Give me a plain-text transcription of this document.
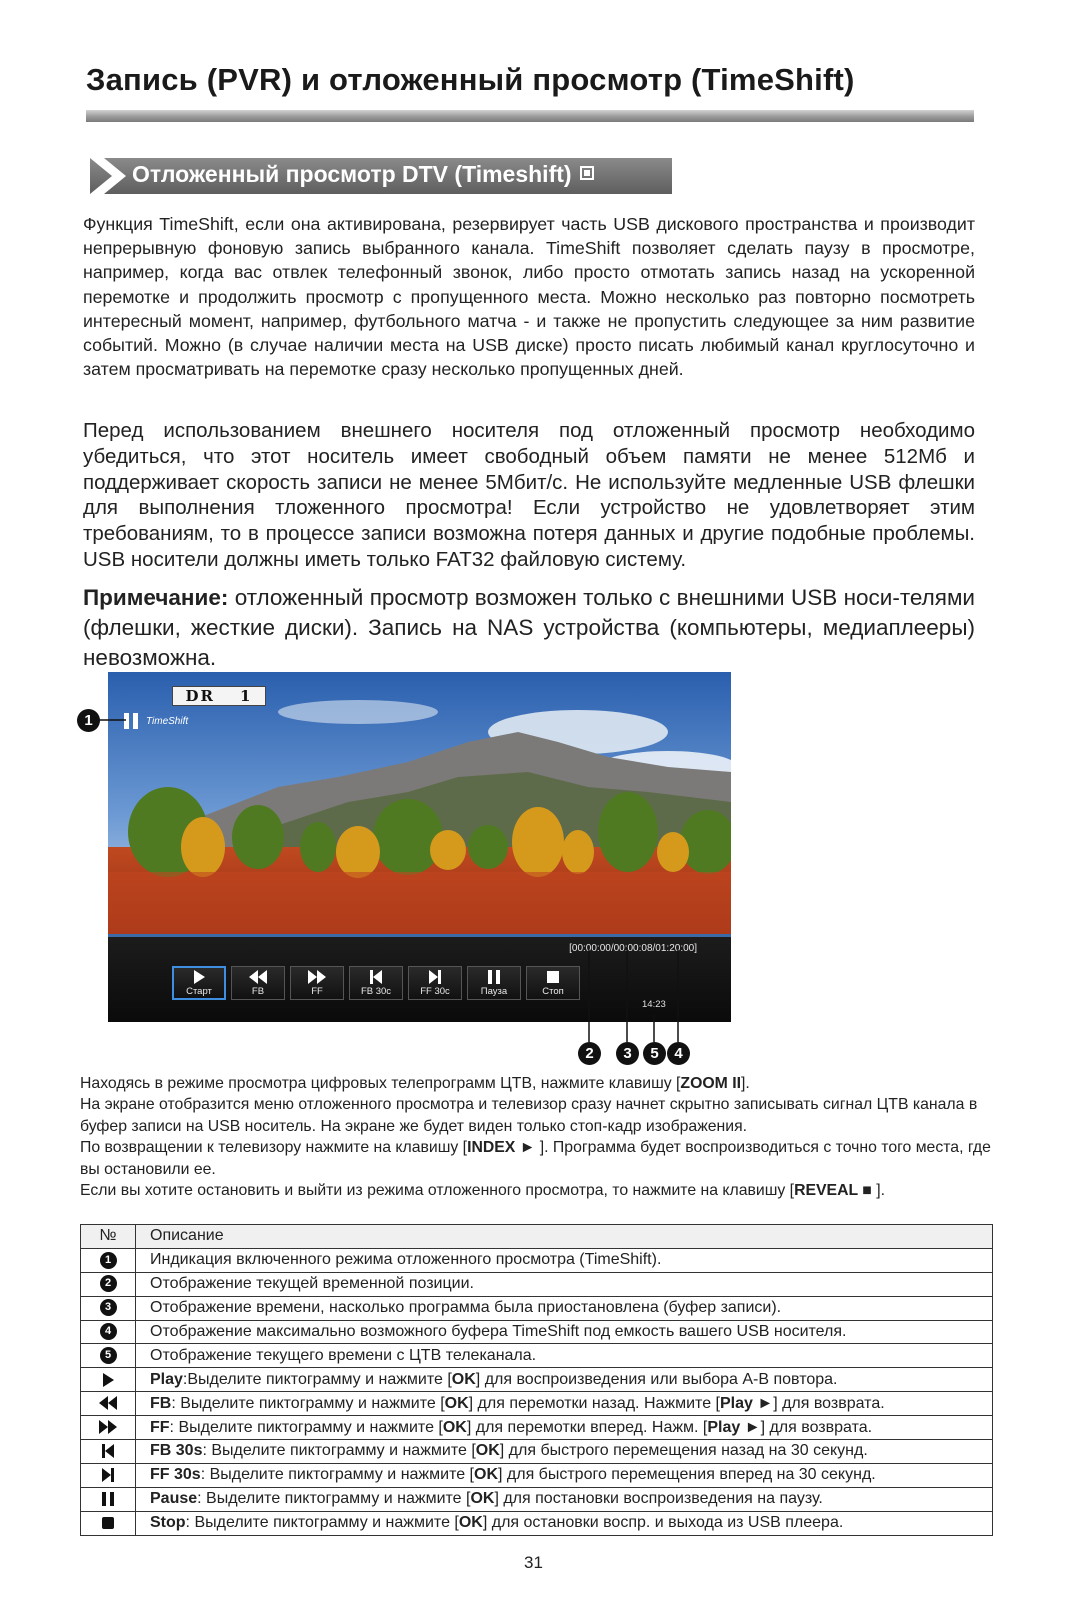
Запись (PVR) и отложенный просмотр (TimeShift)
Отложенный просмотр DTV (Timeshift)

Функция TimeShift, если она активирована, резервирует часть USB дискового пространства и производит непрерывную фоновую запись выбранного канала. TimeShift позволяет сделать паузу в просмотре, например, когда вас отвлек телефонный звонок, либо просто отмотать запись назад на ускоренной перемотке и продолжить просмотр с пропущенного места. Можно несколько раз повторно посмотреть интересный момент, например, футбольного матча - и также не пропустить следующее за ним развитие событий. Можно (в случае наличии места на USB диске) просто писать любимый канал круглосуточно и затем просматривать на перемотке сразу несколько пропущенных дней.

Перед использованием внешнего носителя под отложенный просмотр необходимо убедиться, что этот носитель имеет свободный объем памяти не менее 512Мб и поддерживает скорость записи не менее 5Мбит/с. Не используйте медленные USB флешки для выполнения тложенного просмотра! Если устройство не удовлетворяет этим требованиям, то в процессе записи возможна потеря данных и другие подобные проблемы. USB носители должны иметь только FAT32 файловую систему.

Примечание: отложенный просмотр возможен только с внешними USB носи-телями (флешки, жесткие диски). Запись на NAS устройства (компьютеры, медиаплееры) невозможна.

DR 1
TimeShift
[00:00:00/00:00:08/01:20:00]
Старт	FB	FF	FB 30c	FF 30c	Пауза	Стоп
14:23
1
2	3	5	4

Находясь в режиме просмотра цифровых телепрограмм ЦТВ, нажмите клавишу [ZOOM II].

На экране отобразится меню отложенного просмотра и телевизор сразу начнет скрытно записывать сигнал ЦТВ канала в буфер записи на USB носитель. На экране же будет виден только стоп-кадр изображения.

По возвращении к телевизору нажмите на клавишу [INDEX ► ]. Программа будет воспроизводиться с точно того места, где вы остановили ее.

Если вы хотите остановить и выйти из режима отложенного просмотра, то нажмите на клавишу [REVEAL ■ ].

№	Описание
1	Индикация включенного режима отложенного просмотра (TimeShift).
2	Отображение текущей временной позиции.
3	Отображение времени, насколько программа была приостановлена (буфер записи).
4	Отображение максимально возможного буфера TimeShift под емкость вашего USB носителя.
5	Отображение текущего времени с ЦТВ телеканала.
	Play:Выделите пиктограмму и нажмите [OK] для воспроизведения или выбора А-В повтора.
	FB: Выделите пиктограмму и нажмите [OK] для перемотки назад. Нажмите [Play ►] для возврата.
	FF: Выделите пиктограмму и нажмите [OK] для перемотки вперед. Нажм. [Play ►] для возврата.
	FB 30s: Выделите пиктограмму и нажмите [OK] для быстрого перемещения назад на 30 секунд.
	FF 30s: Выделите пиктограмму и нажмите [OK] для быстрого перемещения вперед на 30 секунд.
	Pause: Выделите пиктограмму и нажмите [OK] для постановки воспроизведения на паузу.
	Stop: Выделите пиктограмму и нажмите [OK] для остановки воспр. и выхода из USB плеера.
31
